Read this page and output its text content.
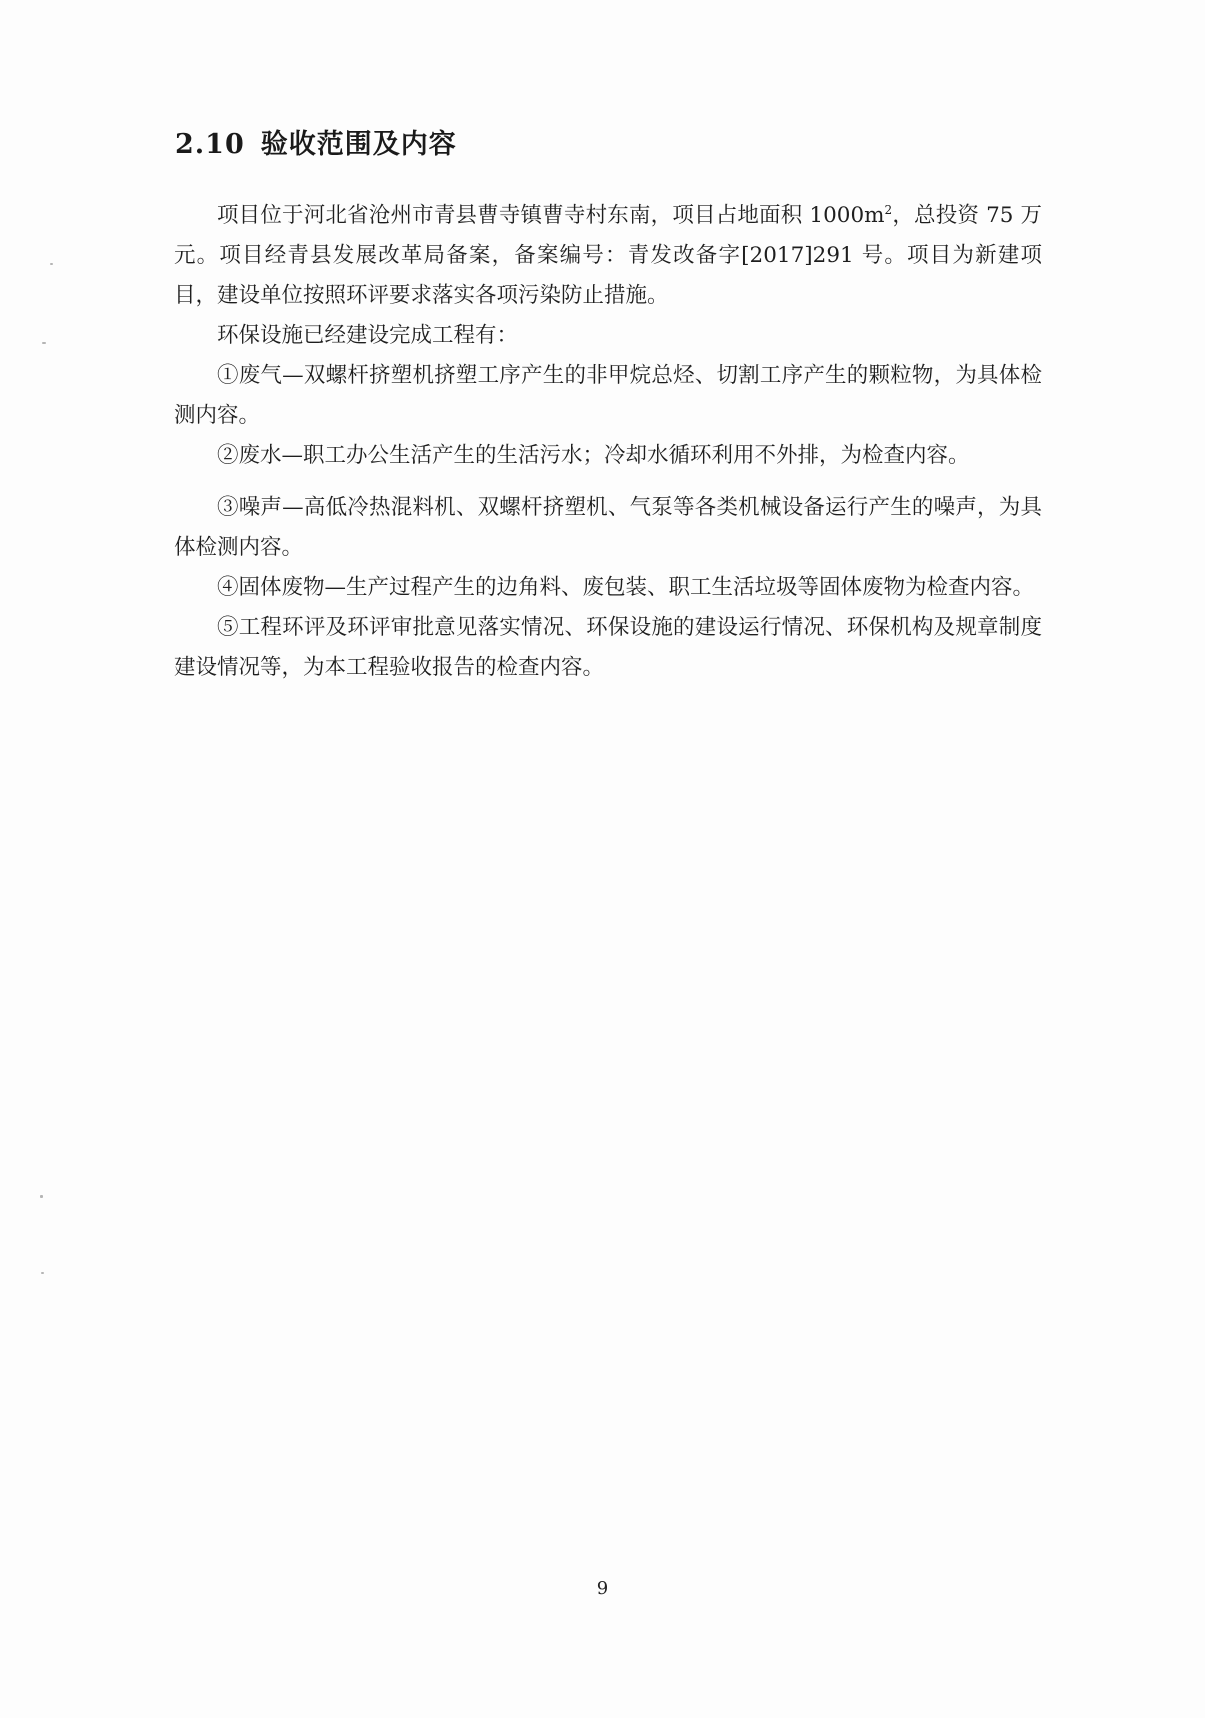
2.10 验收范围及内容

项目位于河北省沧州市青县曹寺镇曹寺村东南，项目占地面积 $1000m^2$，总投资 75 万元。项目经青县发展改革局备案，备案编号：青发改备字[2017]291 号。项目为新建项目，建设单位按照环评要求落实各项污染防止措施。

环保设施已经建设完成工程有：

①废气—双螺杆挤塑机挤塑工序产生的非甲烷总烃、切割工序产生的颗粒物，为具体检测内容。

②废水—职工办公生活产生的生活污水；冷却水循环利用不外排，为检查内容。

③噪声—高低冷热混料机、双螺杆挤塑机、气泵等各类机械设备运行产生的噪声，为具体检测内容。

④固体废物—生产过程产生的边角料、废包装、职工生活垃圾等固体废物为检查内容。

⑤工程环评及环评审批意见落实情况、环保设施的建设运行情况、环保机构及规章制度建设情况等，为本工程验收报告的检查内容。

9
